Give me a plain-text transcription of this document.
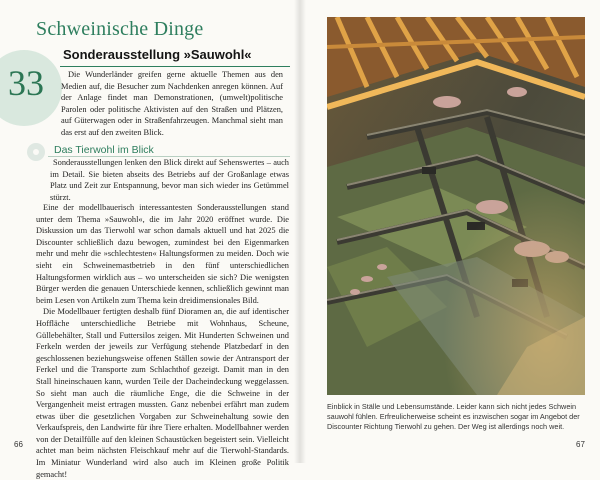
Schweinische Dinge
33
Sonderausstellung »Sauwohl«

Die Wunderländer greifen gerne aktuelle Themen aus den Medien auf, die Besucher zum Nachdenken anregen können. Auf der Anlage findet man Demonstrationen, (umwelt)politische Parolen oder politische Aktivisten auf den Straßen und Plätzen, auf Güterwagen oder in Straßenfahrzeugen. Manchmal sieht man das erst auf den zweiten Blick.

Das Tierwohl im Blick

Sonderausstellungen lenken den Blick direkt auf Sehenswertes – auch im Detail. Sie bieten abseits des Betriebs auf der Großanlage etwas Platz und Zeit zur Entspannung, bevor man sich wieder ins Getümmel stürzt.

Eine der modellbauerisch interessantesten Sonderausstellungen stand unter dem Thema »Sauwohl«, die im Jahr 2020 eröffnet wurde. Die Diskussion um das Tierwohl war schon damals aktuell und hat 2025 die Discounter schließlich dazu bewogen, zumindest bei den Eigenmarken mehr und mehr die »schlechtesten« Haltungsformen zu meiden. Doch wie sieht ein Schweinemastbetrieb in den fünf unterschiedlichen Haltungsformen wirklich aus – wo unterscheiden sie sich? Die wenigsten Bürger werden die genauen Unterschiede kennen, schließlich gewinnt man beim Lesen von Artikeln zum Thema kein dreidimensionales Bild.

Die Modellbauer fertigten deshalb fünf Dioramen an, die auf identischer Hoffläche unterschiedliche Betriebe mit Wohnhaus, Scheune, Güllebehälter, Stall und Futtersilos zeigen. Mit Hunderten Schweinen und Ferkeln werden der jeweils zur Verfügung stehende Platzbedarf in den geschlossenen beziehungsweise offenen Ställen sowie der Antransport der Ferkel und die Transporte zum Schlachthof gezeigt. Damit man in den Stall hineinschauen kann, wurden Teile der Dacheindeckung weggelassen. So sieht man auch die räumliche Enge, die die Schweine in der Vergangenheit meist ertragen mussten. Ganz nebenbei erfährt man zudem etwas über die gesetzlichen Vorgaben zur Schweinehaltung sowie den Verkaufspreis, den Landwirte für ihre Tiere erhalten. Modellbahner werden von der Detailfülle auf den kleinen Schaustücken begeistert sein. Vielleicht achtet man beim nächsten Fleischkauf mehr auf die Tierwohl-Standards. Im Miniatur Wunderland wird also auch im Kleinen große Politik gemacht!

66
Einblick in Ställe und Lebensumstände. Leider kann sich nicht jedes Schwein sauwohl fühlen. Erfreulicherweise scheint es inzwischen sogar im Angebot der Discounter Richtung Tierwohl zu gehen. Der Weg ist allerdings noch weit.
67
